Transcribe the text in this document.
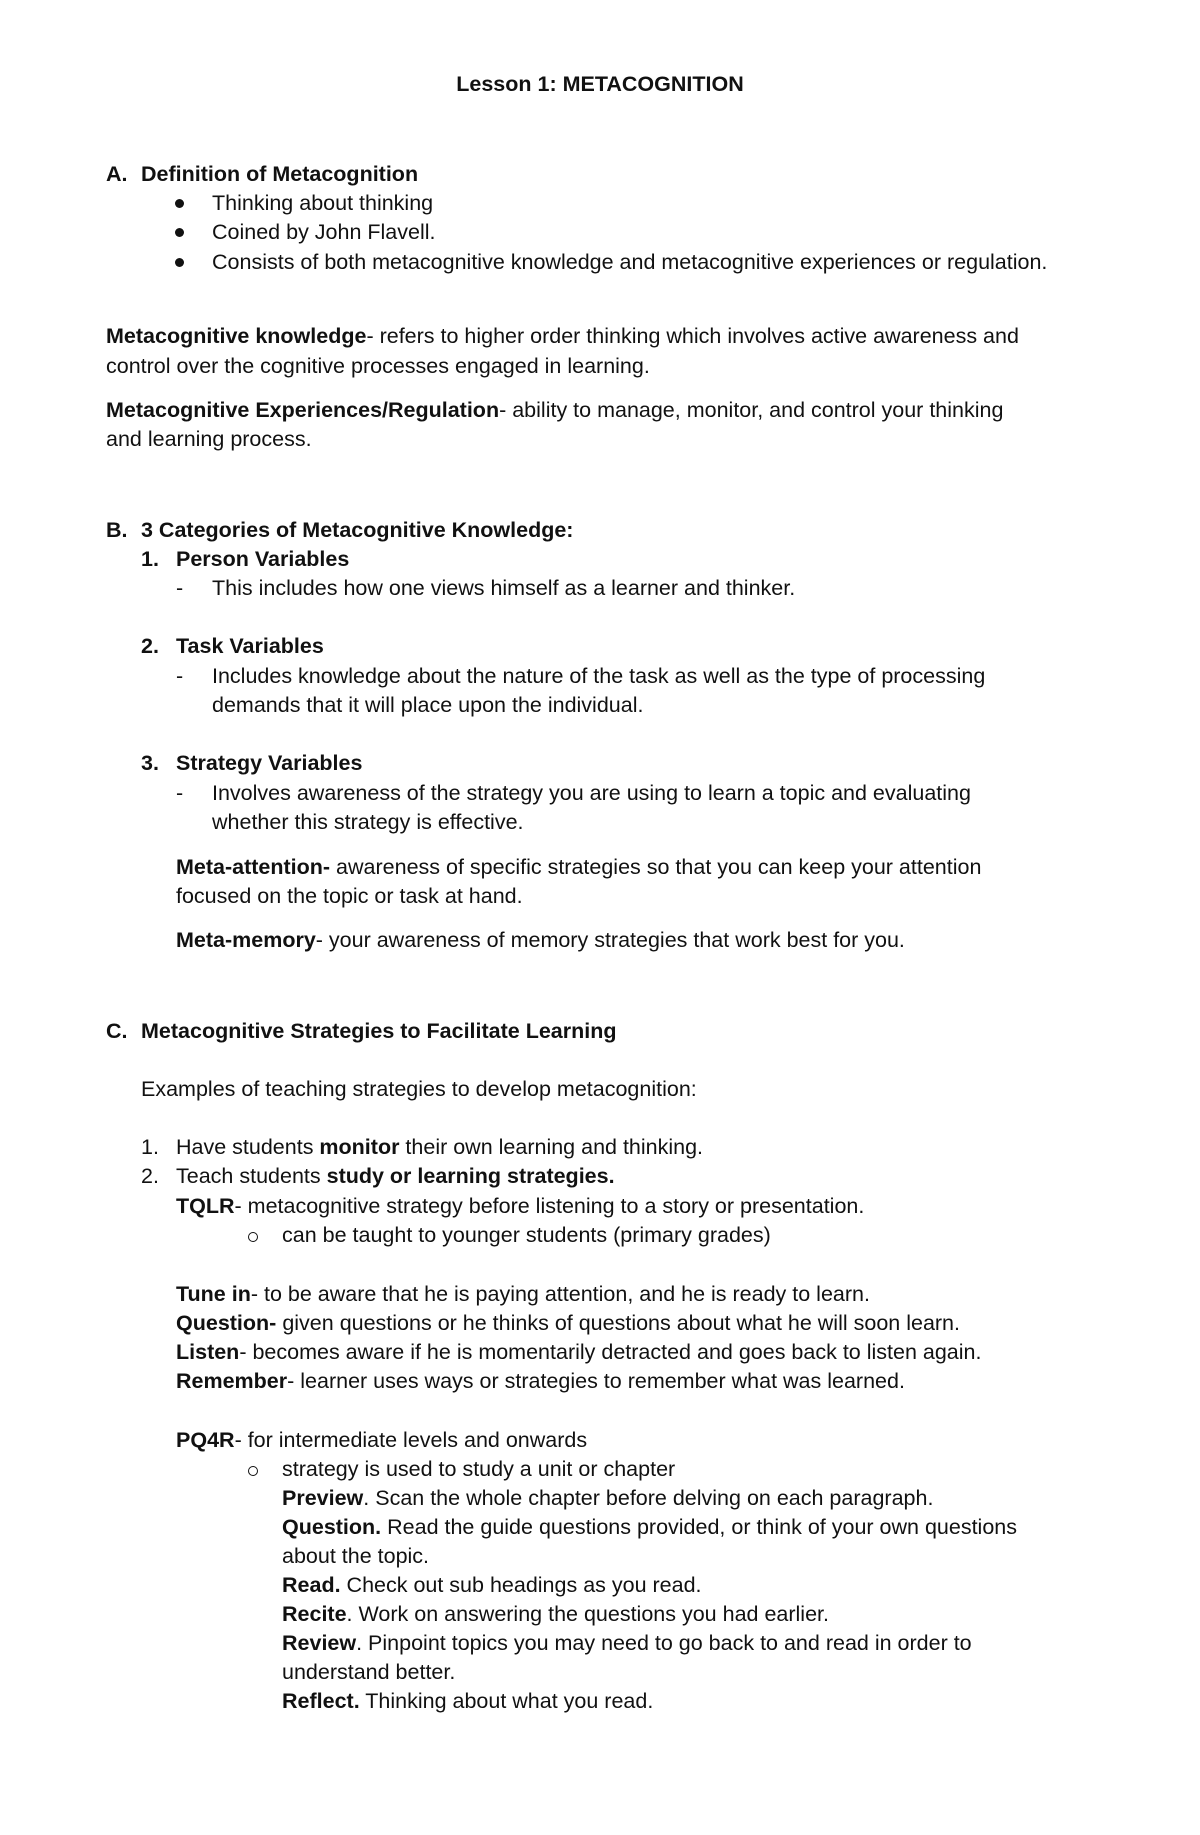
Lesson 1: METACOGNITION
A. Definition of Metacognition
Thinking about thinking
Coined by John Flavell.
Consists of both metacognitive knowledge and metacognitive experiences or regulation.
Metacognitive knowledge- refers to higher order thinking which involves active awareness and
control over the cognitive processes engaged in learning.
Metacognitive Experiences/Regulation- ability to manage, monitor, and control your thinking
and learning process.
B. 3 Categories of Metacognitive Knowledge:
1. Person Variables
- This includes how one views himself as a learner and thinker.
2. Task Variables
- Includes knowledge about the nature of the task as well as the type of processing
demands that it will place upon the individual.
3. Strategy Variables
- Involves awareness of the strategy you are using to learn a topic and evaluating
whether this strategy is effective.
Meta-attention- awareness of specific strategies so that you can keep your attention
focused on the topic or task at hand.
Meta-memory- your awareness of memory strategies that work best for you.
C. Metacognitive Strategies to Facilitate Learning
Examples of teaching strategies to develop metacognition:
1. Have students monitor their own learning and thinking.
2. Teach students study or learning strategies.
TQLR- metacognitive strategy before listening to a story or presentation.
can be taught to younger students (primary grades)
Tune in- to be aware that he is paying attention, and he is ready to learn.
Question- given questions or he thinks of questions about what he will soon learn.
Listen- becomes aware if he is momentarily detracted and goes back to listen again.
Remember- learner uses ways or strategies to remember what was learned.
PQ4R- for intermediate levels and onwards
strategy is used to study a unit or chapter
Preview. Scan the whole chapter before delving on each paragraph.
Question. Read the guide questions provided, or think of your own questions
about the topic.
Read. Check out sub headings as you read.
Recite. Work on answering the questions you had earlier.
Review. Pinpoint topics you may need to go back to and read in order to
understand better.
Reflect. Thinking about what you read.
